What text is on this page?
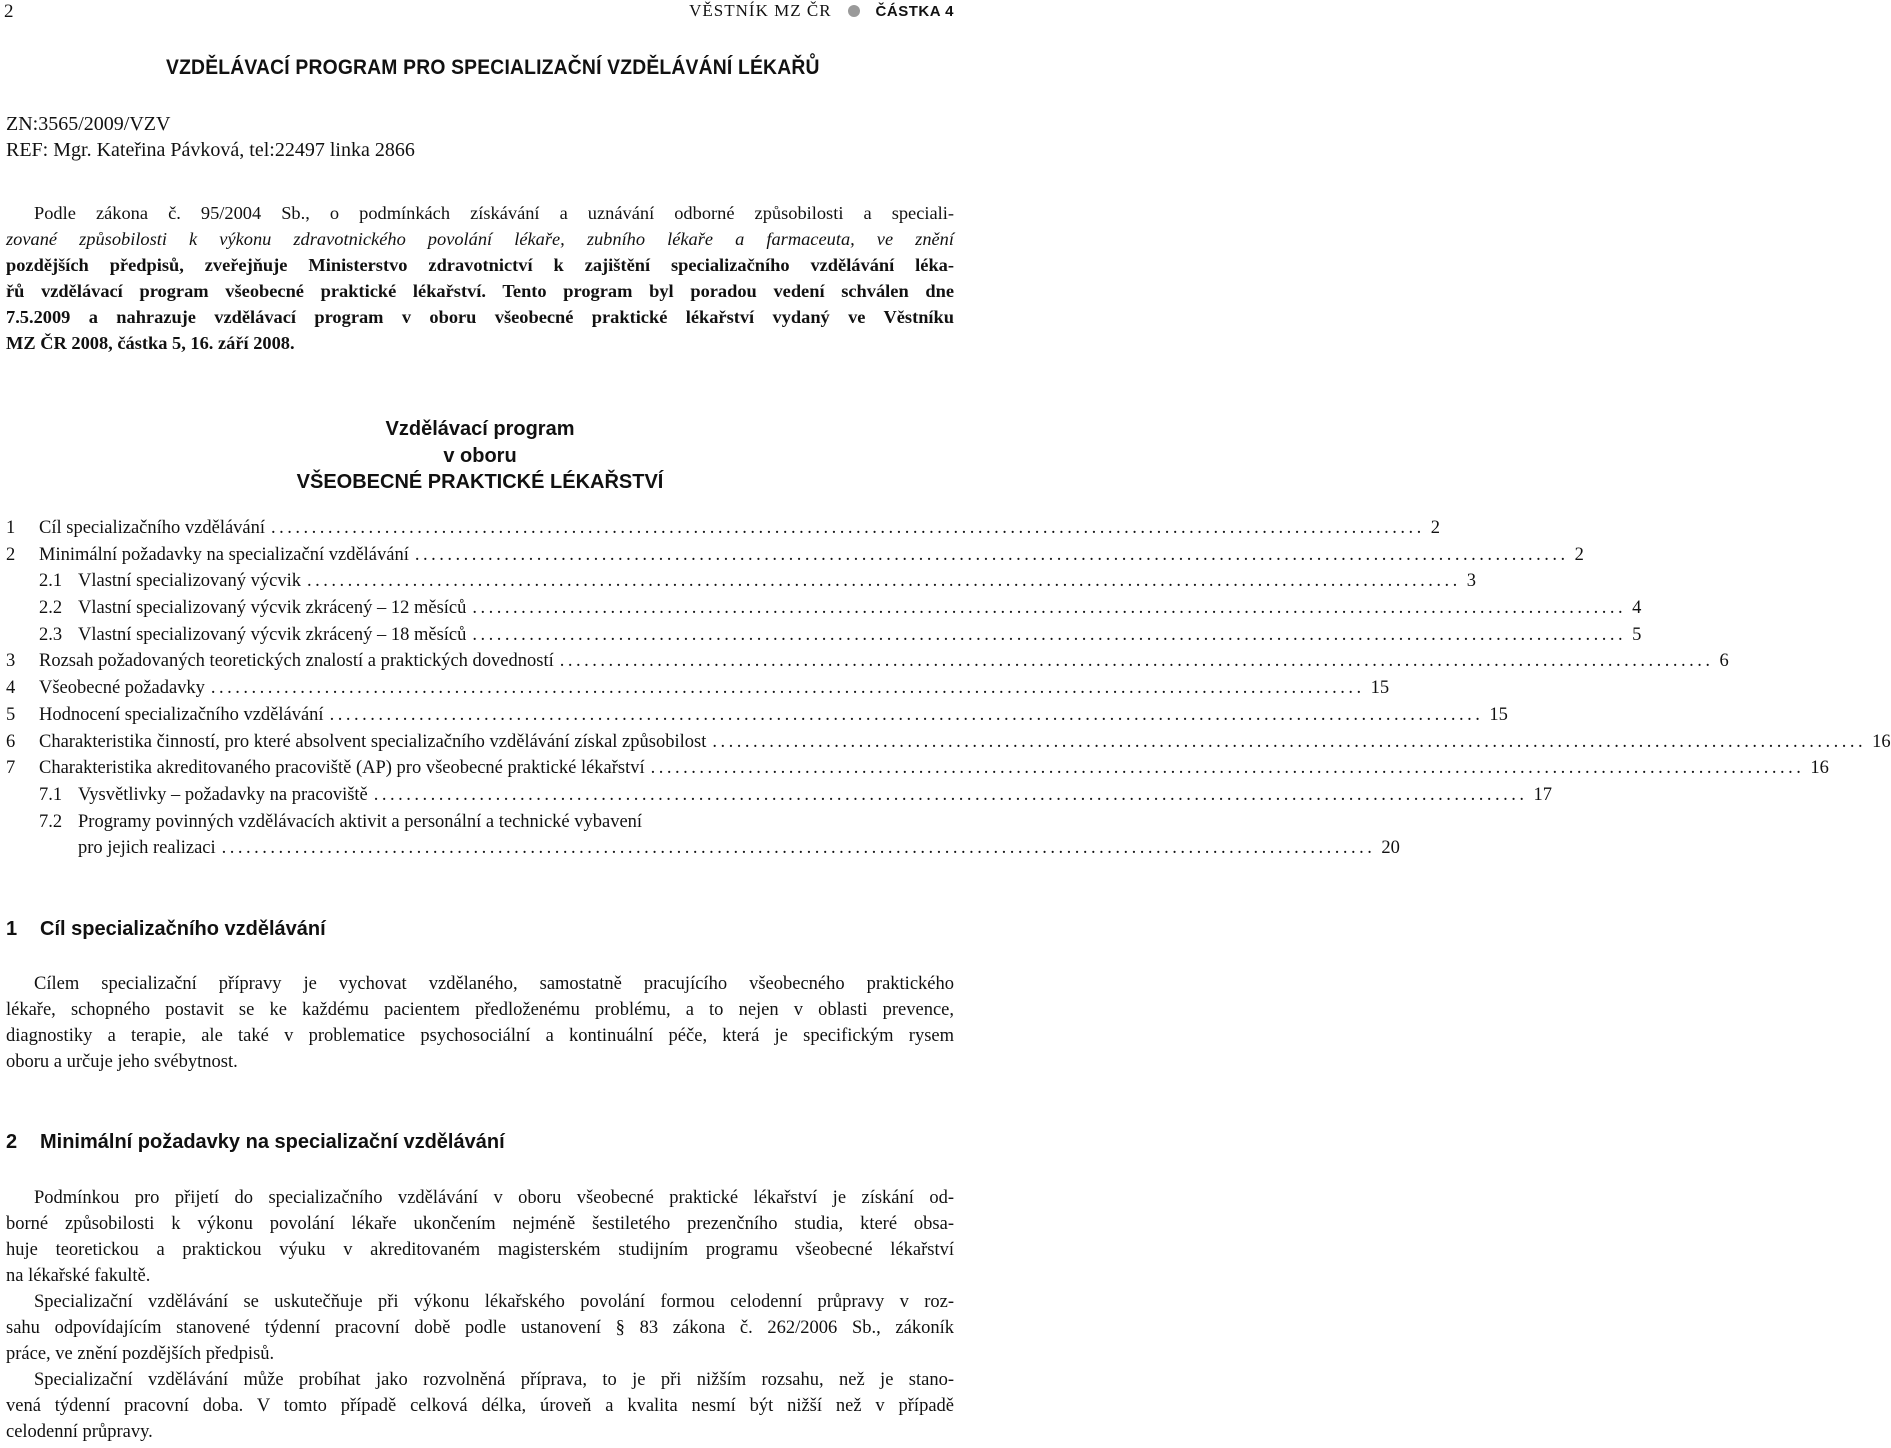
2	VĚSTNÍK MZ ČR	ČÁSTKA 4
VZDĚLÁVACÍ PROGRAM PRO SPECIALIZAČNÍ VZDĚLÁVÁNÍ LÉKAŘŮ
ZN:3565/2009/VZV
REF: Mgr. Kateřina Pávková, tel:22497 linka 2866
Podle zákona č. 95/2004 Sb., o podmínkách získávání a uznávání odborné způsobilosti a speciali-
zované způsobilosti k výkonu zdravotnického povolání lékaře, zubního lékaře a farmaceuta, ve znění
pozdějších předpisů, zveřejňuje Ministerstvo zdravotnictví k zajištění specializačního vzdělávání léka-
řů vzdělávací program všeobecné praktické lékařství. Tento program byl poradou vedení schválen dne
7.5.2009 a nahrazuje vzdělávací program v oboru všeobecné praktické lékařství vydaný ve Věstníku
MZ ČR 2008, částka 5, 16. září 2008.
Vzdělávací program
v oboru
VŠEOBECNÉ PRAKTICKÉ LÉKAŘSTVÍ
1	Cíl specializačního vzdělávání .............................................................................................................................................. 2
2	Minimální požadavky na specializační vzdělávání .............................................................................................................................................. 2
2.1 Vlastní specializovaný výcvik .............................................................................................................................................. 3
2.2 Vlastní specializovaný výcvik zkrácený – 12 měsíců .............................................................................................................................................. 4
2.3 Vlastní specializovaný výcvik zkrácený – 18 měsíců .............................................................................................................................................. 5
3	Rozsah požadovaných teoretických znalostí a praktických dovedností .............................................................................................................................................. 6
4	Všeobecné požadavky .............................................................................................................................................. 15
5	Hodnocení specializačního vzdělávání .............................................................................................................................................. 15
6	Charakteristika činností, pro které absolvent specializačního vzdělávání získal způsobilost .............................................................................................................................................. 16
7	Charakteristika akreditovaného pracoviště (AP) pro všeobecné praktické lékařství .............................................................................................................................................. 16
7.1 Vysvětlivky – požadavky na pracoviště .............................................................................................................................................. 17
7.2 Programy povinných vzdělávacích aktivit a personální a technické vybavení
pro jejich realizaci .............................................................................................................................................. 20
1 Cíl specializačního vzdělávání
Cílem specializační přípravy je vychovat vzdělaného, samostatně pracujícího všeobecného praktického
lékaře, schopného postavit se ke každému pacientem předloženému problému, a to nejen v oblasti prevence,
diagnostiky a terapie, ale také v problematice psychosociální a kontinuální péče, která je specifickým rysem
oboru a určuje jeho svébytnost.
2 Minimální požadavky na specializační vzdělávání
Podmínkou pro přijetí do specializačního vzdělávání v oboru všeobecné praktické lékařství je získání od-
borné způsobilosti k výkonu povolání lékaře ukončením nejméně šestiletého prezenčního studia, které obsa-
huje teoretickou a praktickou výuku v akreditovaném magisterském studijním programu všeobecné lékařství
na lékařské fakultě.
Specializační vzdělávání se uskutečňuje při výkonu lékařského povolání formou celodenní průpravy v roz-
sahu odpovídajícím stanovené týdenní pracovní době podle ustanovení § 83 zákona č. 262/2006 Sb., zákoník
práce, ve znění pozdějších předpisů.
Specializační vzdělávání může probíhat jako rozvolněná příprava, to je při nižším rozsahu, než je stano-
vená týdenní pracovní doba. V tomto případě celková délka, úroveň a kvalita nesmí být nižší než v případě
celodenní průpravy.
